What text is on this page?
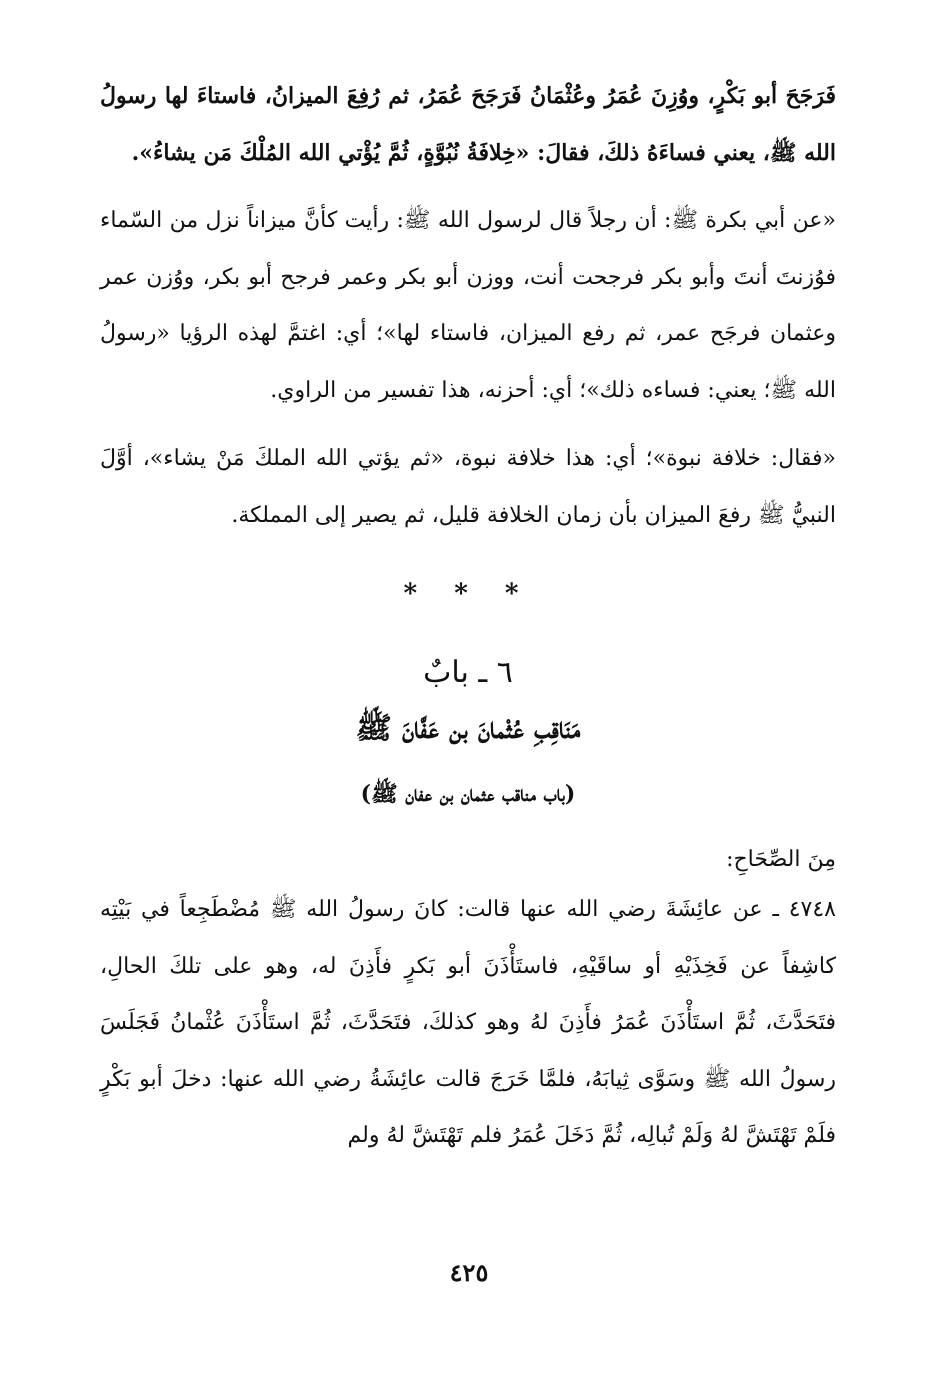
فَرَجَحَ أبو بَكْرٍ، ووُزِنَ عُمَرُ وعُثْمَانُ فَرَجَحَ عُمَرُ، ثم رُفِعَ الميزانُ، فاستاءَ لها رسولُ الله ﷺ، يعني فساءَهُ ذلكَ، فقالَ: «خِلافَةُ نُبُوَّةٍ، ثُمَّ يُؤْتي الله المُلْكَ مَن يشاءُ».

«عن أبي بكرة ﷺ: أن رجلاً قال لرسول الله ﷺ: رأيت كأنَّ ميزاناً نزل من السّماء فوُزنتَ أنتَ وأبو بكر فرجحت أنت، ووزن أبو بكر وعمر فرجح أبو بكر، ووُزن عمر وعثمان فرجَح عمر، ثم رفع الميزان، فاستاء لها»؛ أي: اغتمَّ لهذه الرؤيا «رسولُ الله ﷺ؛ يعني: فساءه ذلك»؛ أي: أحزنه، هذا تفسير من الراوي.

«فقال: خلافة نبوة»؛ أي: هذا خلافة نبوة، «ثم يؤتي الله الملكَ مَنْ يشاء»، أوَّلَ النبيُّ ﷺ رفعَ الميزان بأن زمان الخلافة قليل، ثم يصير إلى المملكة.

* * *
٦ ـ بابٌ
مَنَاقِبِ عُثْمانَ بن عَفَّانَ ﷺ
(باب مناقب عثمان بن عفان ﷺ)
مِنَ الصِّحَاحِ:

٤٧٤٨ ـ عن عائِشَةَ رضي الله عنها قالت: كانَ رسولُ الله ﷺ مُضْطَجِعاً في بَيْتِه كاشِفاً عن فَخِذَيْهِ أو ساقَيْهِ، فاستَأْذَنَ أبو بَكرٍ فأَذِنَ له، وهو على تلكَ الحالِ، فتَحَدَّثَ، ثُمَّ استَأْذَنَ عُمَرُ فأَذِنَ لهُ وهو كذلكَ، فتَحَدَّثَ، ثُمَّ استَأْذَنَ عُثْمانُ فَجَلَسَ رسولُ الله ﷺ وسَوَّى ثِيابَهُ، فلمَّا خَرَجَ قالت عائِشَةُ رضي الله عنها: دخلَ أبو بَكْرٍ فلَمْ تَهْتَشَّ لهُ وَلَمْ تُبالِه، ثُمَّ دَخَلَ عُمَرُ فلم تَهْتَشَّ لهُ ولم

٤٢٥
